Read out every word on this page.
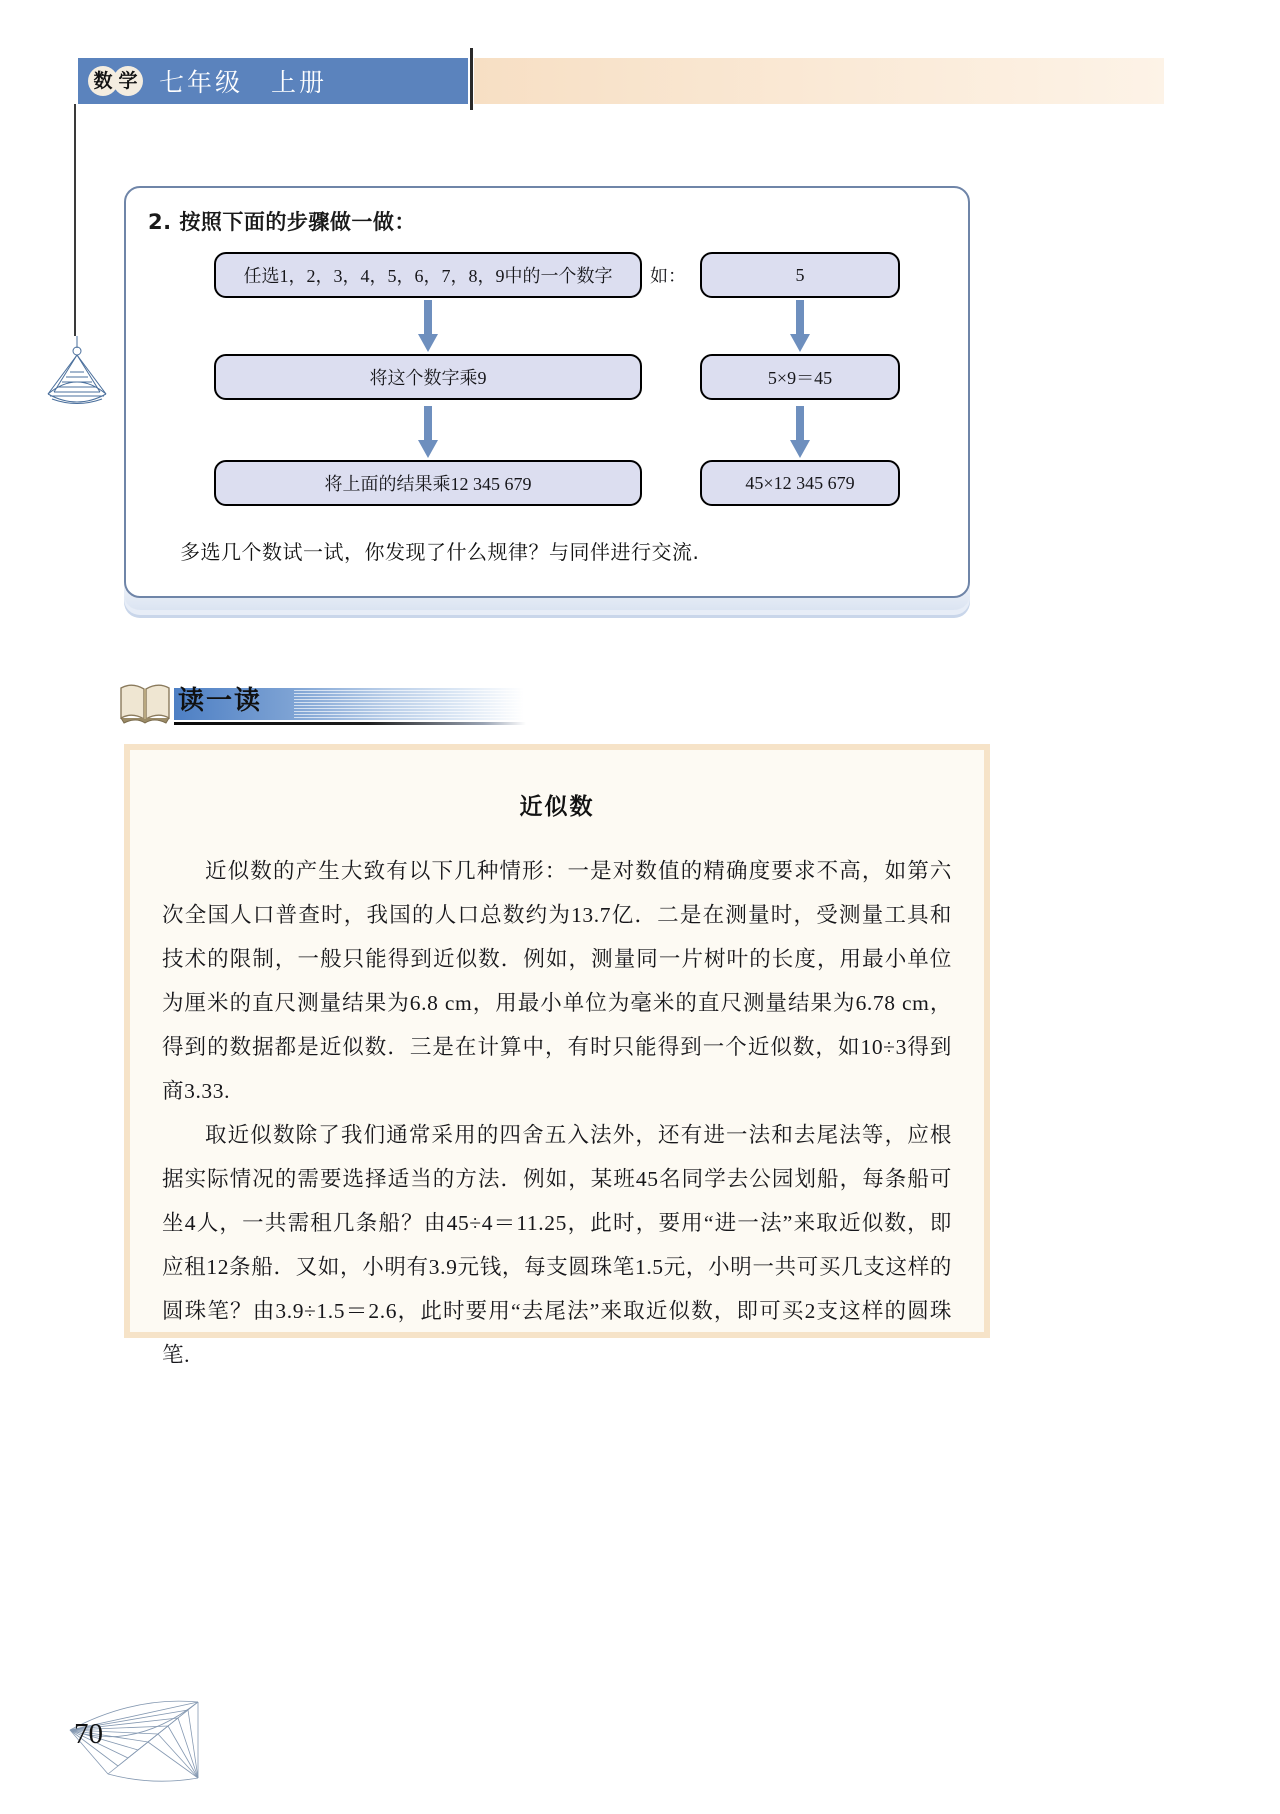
数 学 七年级　上册
2. 按照下面的步骤做一做：
任选1，2，3，4，5，6，7，8，9中的一个数字	如：	5
将这个数字乘9	5×9＝45
将上面的结果乘12 345 679	45×12 345 679
多选几个数试一试，你发现了什么规律？与同伴进行交流.
读一读
近似数

近似数的产生大致有以下几种情形：一是对数值的精确度要求不高，如第六次全国人口普查时，我国的人口总数约为13.7亿．二是在测量时，受测量工具和技术的限制，一般只能得到近似数．例如，测量同一片树叶的长度，用最小单位为厘米的直尺测量结果为6.8 cm，用最小单位为毫米的直尺测量结果为6.78 cm，得到的数据都是近似数．三是在计算中，有时只能得到一个近似数，如10÷3得到商3.33.

取近似数除了我们通常采用的四舍五入法外，还有进一法和去尾法等，应根据实际情况的需要选择适当的方法．例如，某班45名同学去公园划船，每条船可坐4人，一共需租几条船？由45÷4＝11.25，此时，要用“进一法”来取近似数，即应租12条船．又如，小明有3.9元钱，每支圆珠笔1.5元，小明一共可买几支这样的圆珠笔？由3.9÷1.5＝2.6，此时要用“去尾法”来取近似数，即可买2支这样的圆珠笔.

70
